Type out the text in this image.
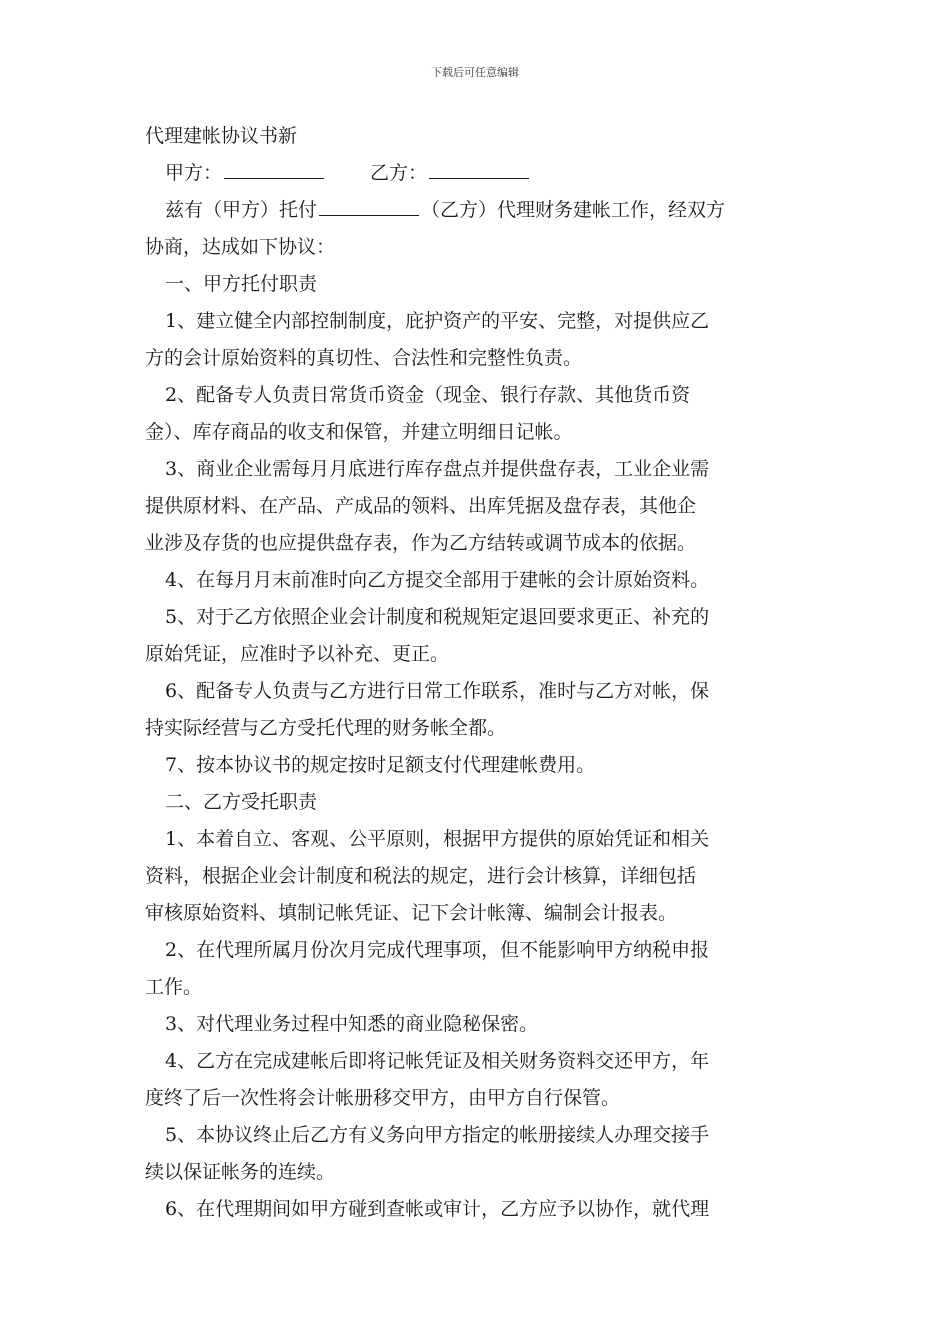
下载后可任意编辑

代理建帐协议书新

甲方：	乙方：

兹有（甲方）托付	（乙方）代理财务建帐工作，经双方

协商，达成如下协议：

一、甲方托付职责

1、建立健全内部控制制度，庇护资产的平安、完整，对提供应乙

方的会计原始资料的真切性、合法性和完整性负责。

2、配备专人负责日常货币资金（现金、银行存款、其他货币资

金）、库存商品的收支和保管，并建立明细日记帐。

3、商业企业需每月月底进行库存盘点并提供盘存表，工业企业需

提供原材料、在产品、产成品的领料、出库凭据及盘存表，其他企

业涉及存货的也应提供盘存表，作为乙方结转或调节成本的依据。

4、在每月月末前准时向乙方提交全部用于建帐的会计原始资料。

5、对于乙方依照企业会计制度和税规矩定退回要求更正、补充的

原始凭证，应准时予以补充、更正。

6、配备专人负责与乙方进行日常工作联系，准时与乙方对帐，保

持实际经营与乙方受托代理的财务帐全都。

7、按本协议书的规定按时足额支付代理建帐费用。

二、乙方受托职责

1、本着自立、客观、公平原则，根据甲方提供的原始凭证和相关

资料，根据企业会计制度和税法的规定，进行会计核算，详细包括

审核原始资料、填制记帐凭证、记下会计帐簿、编制会计报表。

2、在代理所属月份次月完成代理事项，但不能影响甲方纳税申报

工作。

3、对代理业务过程中知悉的商业隐秘保密。

4、乙方在完成建帐后即将记帐凭证及相关财务资料交还甲方，年

度终了后一次性将会计帐册移交甲方，由甲方自行保管。

5、本协议终止后乙方有义务向甲方指定的帐册接续人办理交接手

续以保证帐务的连续。

6、在代理期间如甲方碰到查帐或审计，乙方应予以协作，就代理
